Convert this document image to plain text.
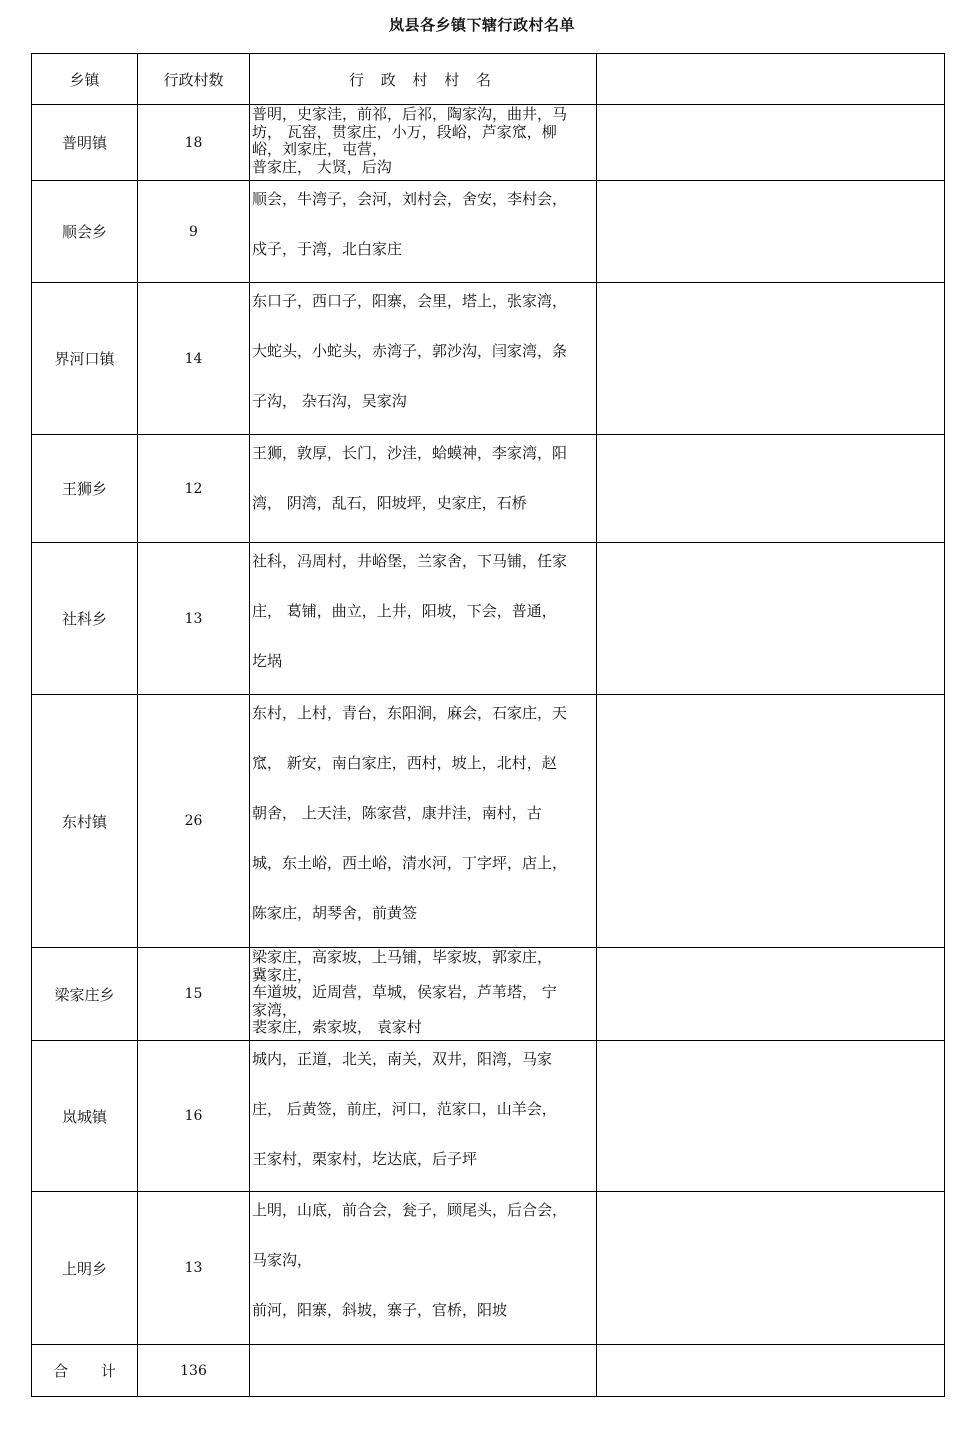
岚县各乡镇下辖行政村名单
乡镇	行政村数	行 政 村 村 名	
普明镇	18	普明，史家洼，前祁，后祁，陶家沟，曲井，马
坊， 瓦窑，贯家庄，小万，段峪，芦家窊，柳
峪，刘家庄，屯营，
普家庄， 大贤，后沟	

顺会乡	9	顺会，牛湾子，会河，刘村会，舍安，李村会，
戍子，于湾，北白家庄	

界河口镇	14	东口子，西口子，阳寨，会里，塔上，张家湾，
大蛇头，小蛇头，赤湾子，郭沙沟，闫家湾，条
子沟， 杂石沟，吴家沟	

王狮乡	12	王狮，敦厚，长门，沙洼，蛤蟆神，李家湾，阳
湾， 阴湾，乱石，阳坡坪，史家庄，石桥	

社科乡	13	社科，冯周村，井峪堡，兰家舍，下马铺，任家
庄， 葛铺，曲立，上井，阳坡，下会，普通，
圪埚	

东村镇	26	东村，上村，青台，东阳涧，麻会，石家庄，天
窊， 新安，南白家庄，西村，坡上，北村，赵
朝舍， 上天洼，陈家营，康井洼，南村，古
城，东土峪，西土峪，清水河，丁字坪，店上，
陈家庄，胡琴舍，前黄签	

梁家庄乡	15	梁家庄，高家坡，上马铺，毕家坡，郭家庄，
冀家庄，
车道坡，近周营，草城，侯家岩，芦苇塔， 宁
家湾，
裴家庄，索家坡， 袁家村	

岚城镇	16	城内，正道，北关，南关，双井，阳湾，马家
庄， 后黄签，前庄，河口，范家口，山羊会，
王家村，栗家村，圪达底，后子坪	

上明乡	13	上明，山底，前合会，瓮子，顾尾头，后合会，
马家沟，
前河，阳寨，斜坡，寨子，官桥，阳坡	

合 计	136		
